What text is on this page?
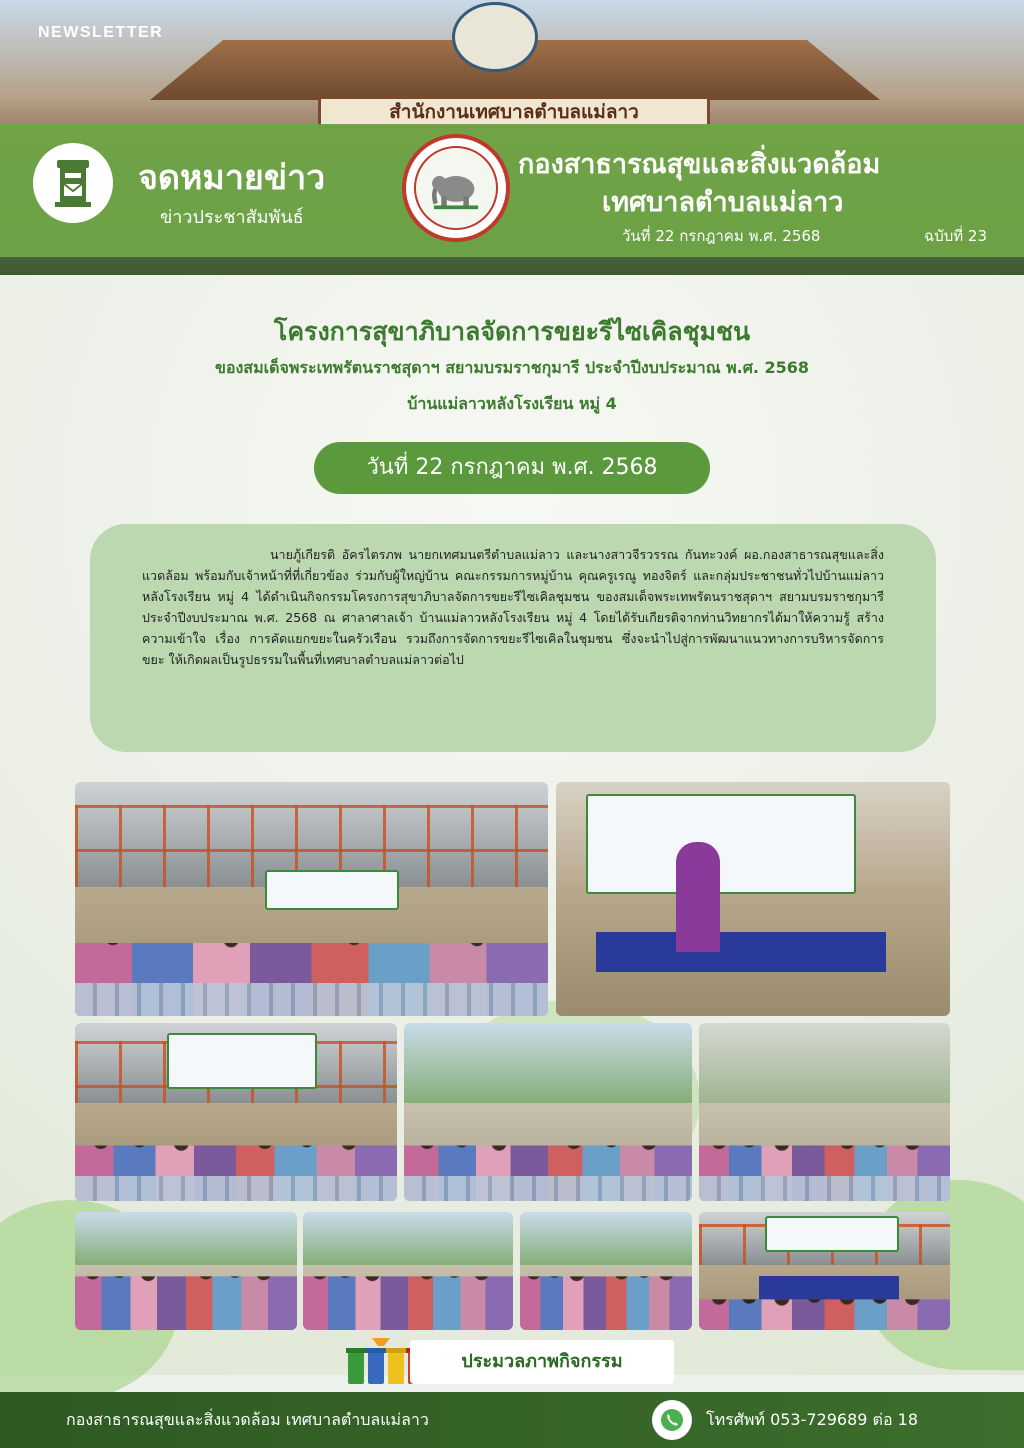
สำนักงานเทศบาลตำบลแม่ลาว
NEWSLETTER
จดหมายข่าว
ข่าวประชาสัมพันธ์
กองสาธารณสุขและสิ่งแวดล้อม
เทศบาลตำบลแม่ลาว
วันที่ 22 กรกฎาคม พ.ศ. 2568	ฉบับที่ 23
โครงการสุขาภิบาลจัดการขยะรีไซเคิลชุมชน
ของสมเด็จพระเทพรัตนราชสุดาฯ สยามบรมราชกุมารี ประจำปีงบประมาณ พ.ศ. 2568
บ้านแม่ลาวหลังโรงเรียน หมู่ 4
วันที่ 22 กรกฎาคม พ.ศ. 2568

นายภู้เกียรติ อัครไตรภพ นายกเทศมนตรีตำบลแม่ลาว และนางสาวจีรวรรณ กันทะวงค์ ผอ.กองสาธารณสุขและสิ่งแวดล้อม พร้อมกับเจ้าหน้าที่ที่เกี่ยวข้อง ร่วมกับผู้ใหญ่บ้าน คณะกรรมการหมู่บ้าน คุณครูเรณู ทองจิตร์ และกลุ่มประชาชนทั่วไปบ้านแม่ลาวหลังโรงเรียน หมู่ 4 ได้ดำเนินกิจกรรมโครงการสุขาภิบาลจัดการขยะรีไซเคิลชุมชน ของสมเด็จพระเทพรัตนราชสุดาฯ สยามบรมราชกุมารี ประจำปีงบประมาณ พ.ศ. 2568 ณ ศาลาศาลเจ้า บ้านแม่ลาวหลังโรงเรียน หมู่ 4 โดยได้รับเกียรติจากท่านวิทยากรได้มาให้ความรู้ สร้างความเข้าใจ เรื่อง การคัดแยกขยะในครัวเรือน รวมถึงการจัดการขยะรีไซเคิลในชุมชน ซึ่งจะนำไปสู่การพัฒนาแนวทางการบริหารจัดการขยะ ให้เกิดผลเป็นรูปธรรมในพื้นที่เทศบาลตำบลแม่ลาวต่อไป

ประมวลภาพกิจกรรม
กองสาธารณสุขและสิ่งแวดล้อม เทศบาลตำบลแม่ลาว	โทรศัพท์ 053-729689 ต่อ 18
